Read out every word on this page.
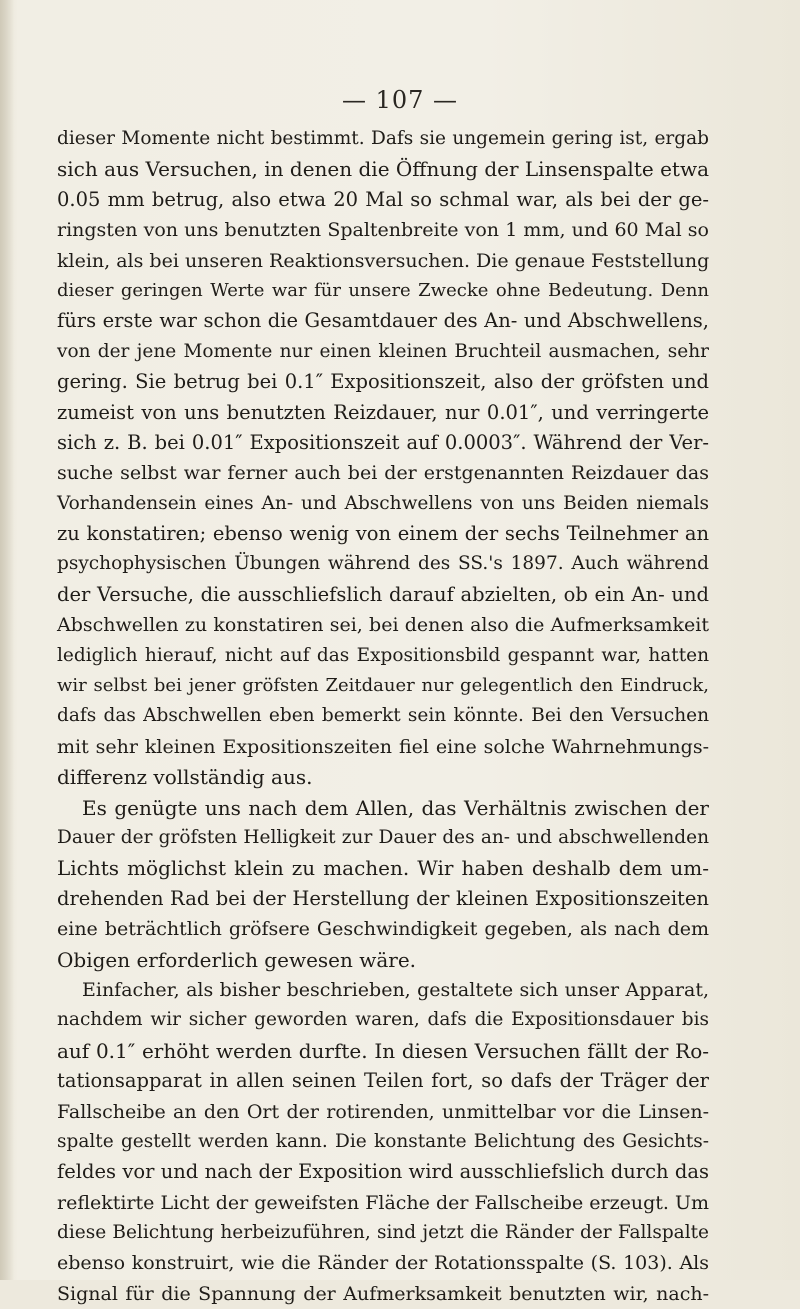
— 107 —
dieser Momente nicht bestimmt. Dafs sie ungemein gering ist, ergab
sich aus Versuchen, in denen die Öffnung der Linsenspalte etwa
0.05 mm betrug, also etwa 20 Mal so schmal war, als bei der ge-
ringsten von uns benutzten Spaltenbreite von 1 mm, und 60 Mal so
klein, als bei unseren Reaktionsversuchen. Die genaue Feststellung
dieser geringen Werte war für unsere Zwecke ohne Bedeutung. Denn
fürs erste war schon die Gesamtdauer des An- und Abschwellens,
von der jene Momente nur einen kleinen Bruchteil ausmachen, sehr
gering. Sie betrug bei 0.1″ Expositionszeit, also der gröfsten und
zumeist von uns benutzten Reizdauer, nur 0.01″, und verringerte
sich z. B. bei 0.01″ Expositionszeit auf 0.0003″. Während der Ver-
suche selbst war ferner auch bei der erstgenannten Reizdauer das
Vorhandensein eines An- und Abschwellens von uns Beiden niemals
zu konstatiren; ebenso wenig von einem der sechs Teilnehmer an
psychophysischen Übungen während des SS.'s 1897. Auch während
der Versuche, die ausschliefslich darauf abzielten, ob ein An- und
Abschwellen zu konstatiren sei, bei denen also die Aufmerksamkeit
lediglich hierauf, nicht auf das Expositionsbild gespannt war, hatten
wir selbst bei jener gröfsten Zeitdauer nur gelegentlich den Eindruck,
dafs das Abschwellen eben bemerkt sein könnte. Bei den Versuchen
mit sehr kleinen Expositionszeiten fiel eine solche Wahrnehmungs-
differenz vollständig aus.
Es genügte uns nach dem Allen, das Verhältnis zwischen der
Dauer der gröfsten Helligkeit zur Dauer des an- und abschwellenden
Lichts möglichst klein zu machen. Wir haben deshalb dem um-
drehenden Rad bei der Herstellung der kleinen Expositionszeiten
eine beträchtlich gröfsere Geschwindigkeit gegeben, als nach dem
Obigen erforderlich gewesen wäre.
Einfacher, als bisher beschrieben, gestaltete sich unser Apparat,
nachdem wir sicher geworden waren, dafs die Expositionsdauer bis
auf 0.1″ erhöht werden durfte. In diesen Versuchen fällt der Ro-
tationsapparat in allen seinen Teilen fort, so dafs der Träger der
Fallscheibe an den Ort der rotirenden, unmittelbar vor die Linsen-
spalte gestellt werden kann. Die konstante Belichtung des Gesichts-
feldes vor und nach der Exposition wird ausschliefslich durch das
reflektirte Licht der geweifsten Fläche der Fallscheibe erzeugt. Um
diese Belichtung herbeizuführen, sind jetzt die Ränder der Fallspalte
ebenso konstruirt, wie die Ränder der Rotationsspalte (S. 103). Als
Signal für die Spannung der Aufmerksamkeit benutzten wir, nach-
